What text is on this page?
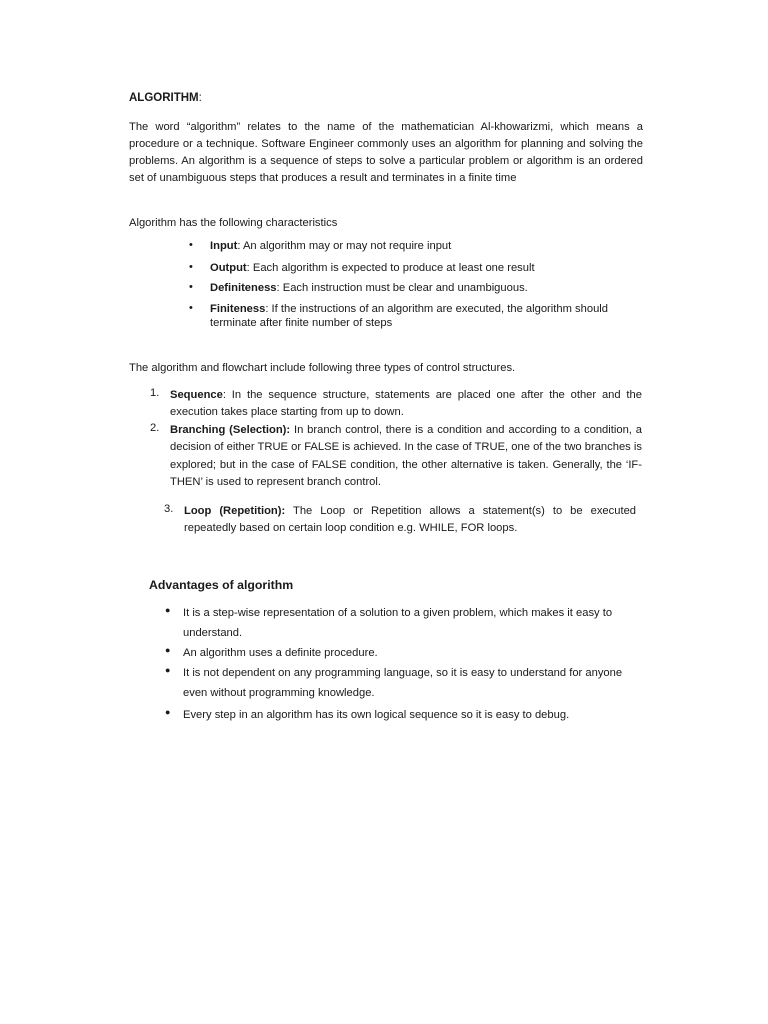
ALGORITHM:
The word “algorithm” relates to the name of the mathematician Al-khowarizmi, which means a procedure or a technique. Software Engineer commonly uses an algorithm for planning and solving the problems. An algorithm is a sequence of steps to solve a particular problem or algorithm is an ordered set of unambiguous steps that produces a result and terminates in a finite time
Algorithm has the following characteristics
• Input: An algorithm may or may not require input
• Output: Each algorithm is expected to produce at least one result
• Definiteness: Each instruction must be clear and unambiguous.
• Finiteness: If the instructions of an algorithm are executed, the algorithm should terminate after finite number of steps
The algorithm and flowchart include following three types of control structures.
1. Sequence: In the sequence structure, statements are placed one after the other and the execution takes place starting from up to down.
2. Branching (Selection): In branch control, there is a condition and according to a condition, a decision of either TRUE or FALSE is achieved. In the case of TRUE, one of the two branches is explored; but in the case of FALSE condition, the other alternative is taken. Generally, the ‘IF-THEN’ is used to represent branch control.
3. Loop (Repetition): The Loop or Repetition allows a statement(s) to be executed repeatedly based on certain loop condition e.g. WHILE, FOR loops.
Advantages of algorithm
● It is a step-wise representation of a solution to a given problem, which makes it easy to understand.
● An algorithm uses a definite procedure.
● It is not dependent on any programming language, so it is easy to understand for anyone even without programming knowledge.
● Every step in an algorithm has its own logical sequence so it is easy to debug.
